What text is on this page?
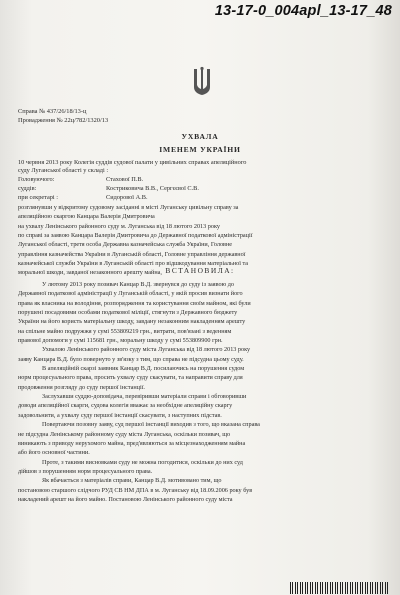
13-17-0_004apl_13-17_48
Справа № 437/26/18/13-ц
Провадження № 22ц/782/1320/13
УХВАЛА
ІМЕНЕМ УКРАЇНИ
10 червня 2013 року Колегія суддів судової палати у цивільних справах апеляційного
суду Луганської області у складі :
Головуючого:	Стахової П.В.
суддів:	Костриковича В.В., Сергєєвої С.В.
при секретарі :	Сидорової А.В.
розглянувши у відкритому судовому засіданні в місті Луганську цивільну справу за
апеляційною скаргою Канцара Валерія Дмитровича
на ухвалу Ленінського районного суду м. Луганська від 18 лютого 2013 року
по справі за заявою Канцара Валерія Дмитровича до Державної податкової адміністрації
Луганської області, третя особа Державна казначейська служба України, Головне
управління казначейства України в Луганській області, Головне управління державної
казначейської служби України в Луганській області про відшкодування матеріальної та
моральної шкоди, завданої незаконного арешту майна, ВСТАНОВИЛА:
У лютому 2013 року позивач Канцар В.Д. звернувся до суду із заявою до
Державної податкової адміністрації у Луганській області, у якій просив визнати його
права як власника на володіння, розпорядження та користування своїм майном, які були
порушені посадовими особами податкової міліції, стягнути з Державного бюджету
України на його користь матеріальну шкоду, завдану незаконним накладенням арешту
на спільне майно подружжя у сумі 553809219 грн., витрати, пов'язані з веденням
правової допомоги у сумі 115681 грн., моральну шкоду у сумі 553809900 грн.
Ухвалою Ленінського районного суду міста Луганська від 18 лютого 2013 року
заяву Канцара В.Д. було повернуто у зв'язку з тим, що справа не підсудна цьому суду.
В апеляційній скарзі заявник Канцар В.Д. посилаючись на порушення судом
норм процесуального права, просить ухвалу суду скасувати, та направити справу для
продовження розгляду до суду першої інстанції.
Заслухавши суддю-доповідача, перевіривши матеріали справи і обговоривши
доводи апеляційної скарги, судова колегія вважає за необхідне апеляційну скаргу
задовольнити, а ухвалу суду першої інстанції скасувати, з наступних підстав.
Повертаючи позовну заяву, суд першої інстанції виходив з того, що вказана справа
не підсудна Ленінському районному суду міста Луганська, оскільки позивач, що
виникають з приводу нерухомого майна, пред'являються за місцезнаходженням майна
або його основної частини.
Проте, з такими висновками суду не можна погодитися, оскільки до них суд
дійшов з порушенням норм процесуального права.
Як вбачається з матеріалів справи, Канцар В.Д. мотивовано тим, що
постановою старшого слідчого РУД СВ НМ ДПА в м. Луганську від 18.09.2006 року був
накладений арешт на його майно. Постановою Ленінського районного суду міста
